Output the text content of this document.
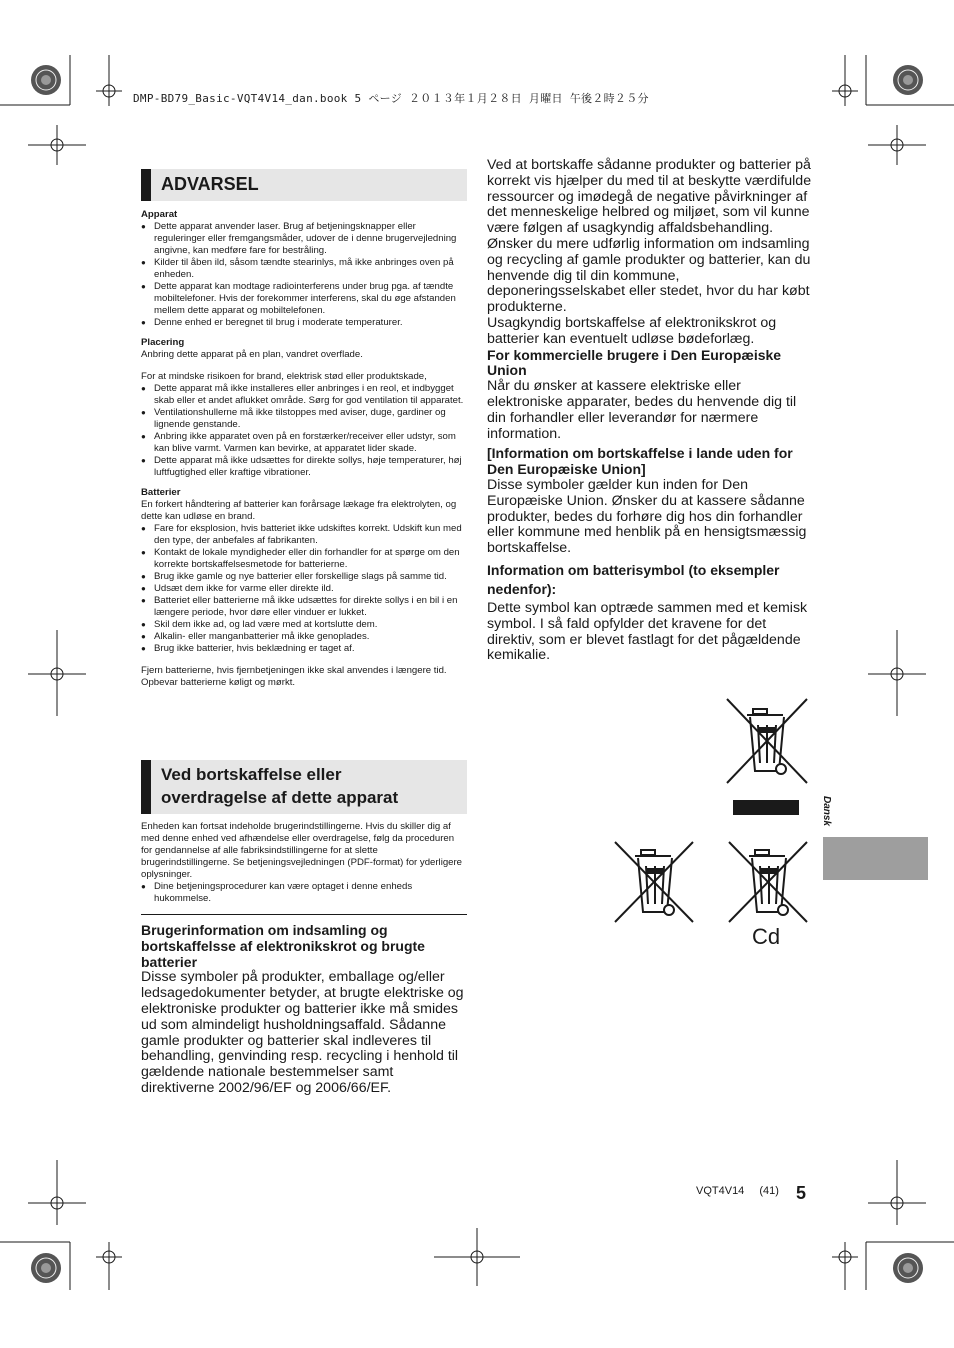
DMP-BD79_Basic-VQT4V14_dan.book 5 ページ ２０１３年１月２８日 月曜日 午後２時２５分
ADVARSEL
Apparat
● Dette apparat anvender laser. Brug af betjeningsknapper eller reguleringer eller fremgangsmåder, udover de i denne brugervejledning angivne, kan medføre fare for bestråling.
● Kilder til åben ild, såsom tændte stearinlys, må ikke anbringes oven på enheden.
● Dette apparat kan modtage radiointerferens under brug pga. af tændte mobiltelefoner. Hvis der forekommer interferens, skal du øge afstanden mellem dette apparat og mobiltelefonen.
● Denne enhed er beregnet til brug i moderate temperaturer.
Placering

Anbring dette apparat på en plan, vandret overflade.

For at mindske risikoen for brand, elektrisk stød eller produktskade,

● Dette apparat må ikke installeres eller anbringes i en reol, et indbygget skab eller et andet aflukket område. Sørg for god ventilation til apparatet.
● Ventilationshullerne må ikke tilstoppes med aviser, duge, gardiner og lignende genstande.
● Anbring ikke apparatet oven på en forstærker/receiver eller udstyr, som kan blive varmt. Varmen kan bevirke, at apparatet lider skade.
● Dette apparat må ikke udsættes for direkte sollys, høje temperaturer, høj luftfugtighed eller kraftige vibrationer.
Batterier

En forkert håndtering af batterier kan forårsage lækage fra elektrolyten, og dette kan udløse en brand.

● Fare for eksplosion, hvis batteriet ikke udskiftes korrekt. Udskift kun med den type, der anbefales af fabrikanten.
● Kontakt de lokale myndigheder eller din forhandler for at spørge om den korrekte bortskaffelsesmetode for batterierne.
● Brug ikke gamle og nye batterier eller forskellige slags på samme tid.
● Udsæt dem ikke for varme eller direkte ild.
● Batteriet eller batterierne må ikke udsættes for direkte sollys i en bil i en længere periode, hvor døre eller vinduer er lukket.
● Skil dem ikke ad, og lad være med at kortslutte dem.
● Alkalin- eller manganbatterier må ikke genoplades.
● Brug ikke batterier, hvis beklædning er taget af.

Fjern batterierne, hvis fjernbetjeningen ikke skal anvendes i længere tid. Opbevar batterierne køligt og mørkt.

Ved bortskaffelse eller
overdragelse af dette apparat

Enheden kan fortsat indeholde brugerindstillingerne. Hvis du skiller dig af med denne enhed ved afhændelse eller overdragelse, følg da proceduren for gendannelse af alle fabriksindstillingerne for at slette brugerindstillingerne. Se betjeningsvejledningen (PDF-format) for yderligere oplysninger.

● Dine betjeningsprocedurer kan være optaget i denne enheds hukommelse.
Brugerinformation om indsamling og bortskaffelsse af elektronikskrot og brugte batterier

Disse symboler på produkter, emballage og/eller ledsagedokumenter betyder, at brugte elektriske og elektroniske produkter og batterier ikke må smides ud som almindeligt husholdningsaffald. Sådanne gamle produkter og batterier skal indleveres til behandling, genvinding resp. recycling i henhold til gældende nationale bestemmelser samt direktiverne 2002/96/EF og 2006/66/EF.

Ved at bortskaffe sådanne produkter og batterier på korrekt vis hjælper du med til at beskytte værdifulde ressourcer og imødegå de negative påvirkninger af det menneskelige helbred og miljøet, som vil kunne være følgen af usagkyndig affaldsbehandling.

Ønsker du mere udførlig information om indsamling og recycling af gamle produkter og batterier, kan du henvende dig til din kommune, deponeringsselskabet eller stedet, hvor du har købt produkterne.

Usagkyndig bortskaffelse af elektronikskrot og batterier kan eventuelt udløse bødeforlæg.

For kommercielle brugere i Den Europæiske Union

Når du ønsker at kassere elektriske eller elektroniske apparater, bedes du henvende dig til din forhandler eller leverandør for nærmere information.

[Information om bortskaffelse i lande uden for Den Europæiske Union]

Disse symboler gælder kun inden for Den Europæiske Union. Ønsker du at kassere sådanne produkter, bedes du forhøre dig hos din forhandler eller kommune med henblik på en hensigtsmæssig bortskaffelse.

Information om batterisymbol (to eksempler nedenfor):

Dette symbol kan optræde sammen med et kemisk symbol. I så fald opfylder det kravene for det direktiv, som er blevet fastlagt for det pågældende kemikalie.

Cd
Dansk
VQT4V14 (41) 5
